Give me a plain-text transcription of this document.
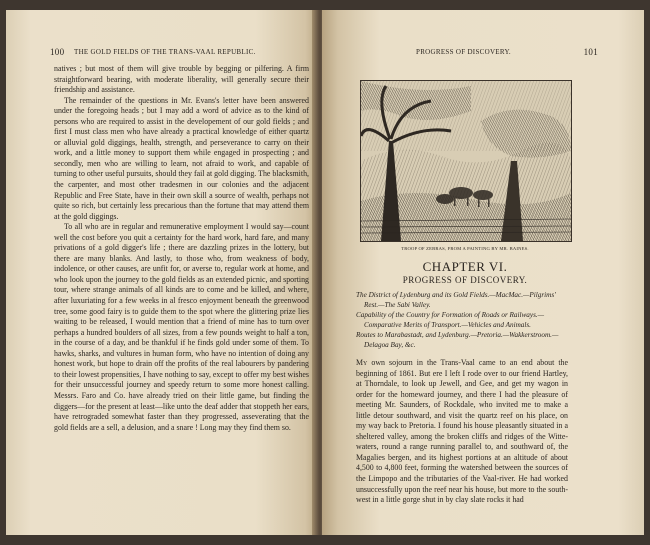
100 THE GOLD FIELDS OF THE TRANS-VAAL REPUBLIC.

natives ; but most of them will give trouble by begging or pilfering. A firm straightforward bearing, with moderate liberality, will generally secure their friendship and assistance.

The remainder of the questions in Mr. Evans's letter have been answered under the foregoing heads ; but I may add a word of advice as to the kind of persons who are required to assist in the developement of our gold fields ; and first I must class men who have already a practical knowledge of either quartz or alluvial gold diggings, health, strength, and perseverance to carry on their work, and a little money to support them while engaged in prospecting ; and secondly, men who are willing to learn, not afraid to work, and capable of turning to other useful pursuits, should they fail at gold digging. The blacksmith, the carpenter, and most other tradesmen in our colonies and the adjacent Republic and Free State, have in their own skill a source of wealth, perhaps not quite so rich, but certainly less precarious than the fortune that may attend them at the gold diggings.

To all who are in regular and remunerative employment I would say—count well the cost before you quit a certainty for the hard work, hard fare, and many privations of a gold digger's life ; there are dazzling prizes in the lottery, but there are many blanks. And lastly, to those who, from weakness of body, indolence, or other causes, are unfit for, or averse to, regular work at home, and who look upon the journey to the gold fields as an extended picnic, and sporting tour, where strange animals of all kinds are to come and be killed, and where, after luxuriating for a few weeks in al fresco enjoyment beneath the greenwood tree, some good fairy is to guide them to the spot where the glittering prize lies waiting to be released, I would mention that a friend of mine has to turn over perhaps a hundred boulders of all sizes, from a few pounds weight to half a ton, in the course of a day, and be thankful if he finds gold under some of them. To hawks, sharks, and vultures in human form, who have no intention of doing any honest work, but hope to drain off the profits of the real labourers by pandering to their lowest propensities, I have nothing to say, except to offer my best wishes for their unsuccessful journey and speedy return to some more honest calling. Messrs. Faro and Co. have already tried on their little game, but finding the diggers—for the present at least—like unto the deaf adder that stoppeth her ears, have retrograded somewhat faster than they progressed, asseverating that the gold fields are a sell, a delusion, and a snare ! Long may they find them so.

PROGRESS OF DISCOVERY.	101
TROOP OF ZEBRAS, FROM A PAINTING BY MR. BAINES.
CHAPTER VI.
PROGRESS OF DISCOVERY.

The District of Lydenburg and its Gold Fields.—MacMac.—Pilgrims' Rest.—The Sabi Valley.

Capability of the Country for Formation of Roads or Railways.—Comparative Merits of Transport.—Vehicles and Animals.

Routes to Marabastadt, and Lydenburg.—Pretoria.—Wakkerstroom.—Delagoa Bay, &c.

My own sojourn in the Trans-Vaal came to an end about the beginning of 1861. But ere I left I rode over to our friend Hartley, at Thorndale, to look up Jewell, and Gee, and get my wagon in order for the homeward journey, and there I had the pleasure of meeting Mr. Saunders, of Rockdale, who invited me to make a little detour southward, and visit the quartz reef on his place, on my way back to Pretoria. I found his house pleasantly situated in a sheltered valley, among the broken cliffs and ridges of the Witte-waters, round a range running parallel to, and southward of, the Magalies bergen, and its highest portions at an altitude of about 4,500 to 4,800 feet, forming the watershed between the sources of the Limpopo and the tributaries of the Vaal-river. He had worked unsuccessfully upon the reef near his house, but more to the south-west in a little gorge shut in by clay slate rocks it had
